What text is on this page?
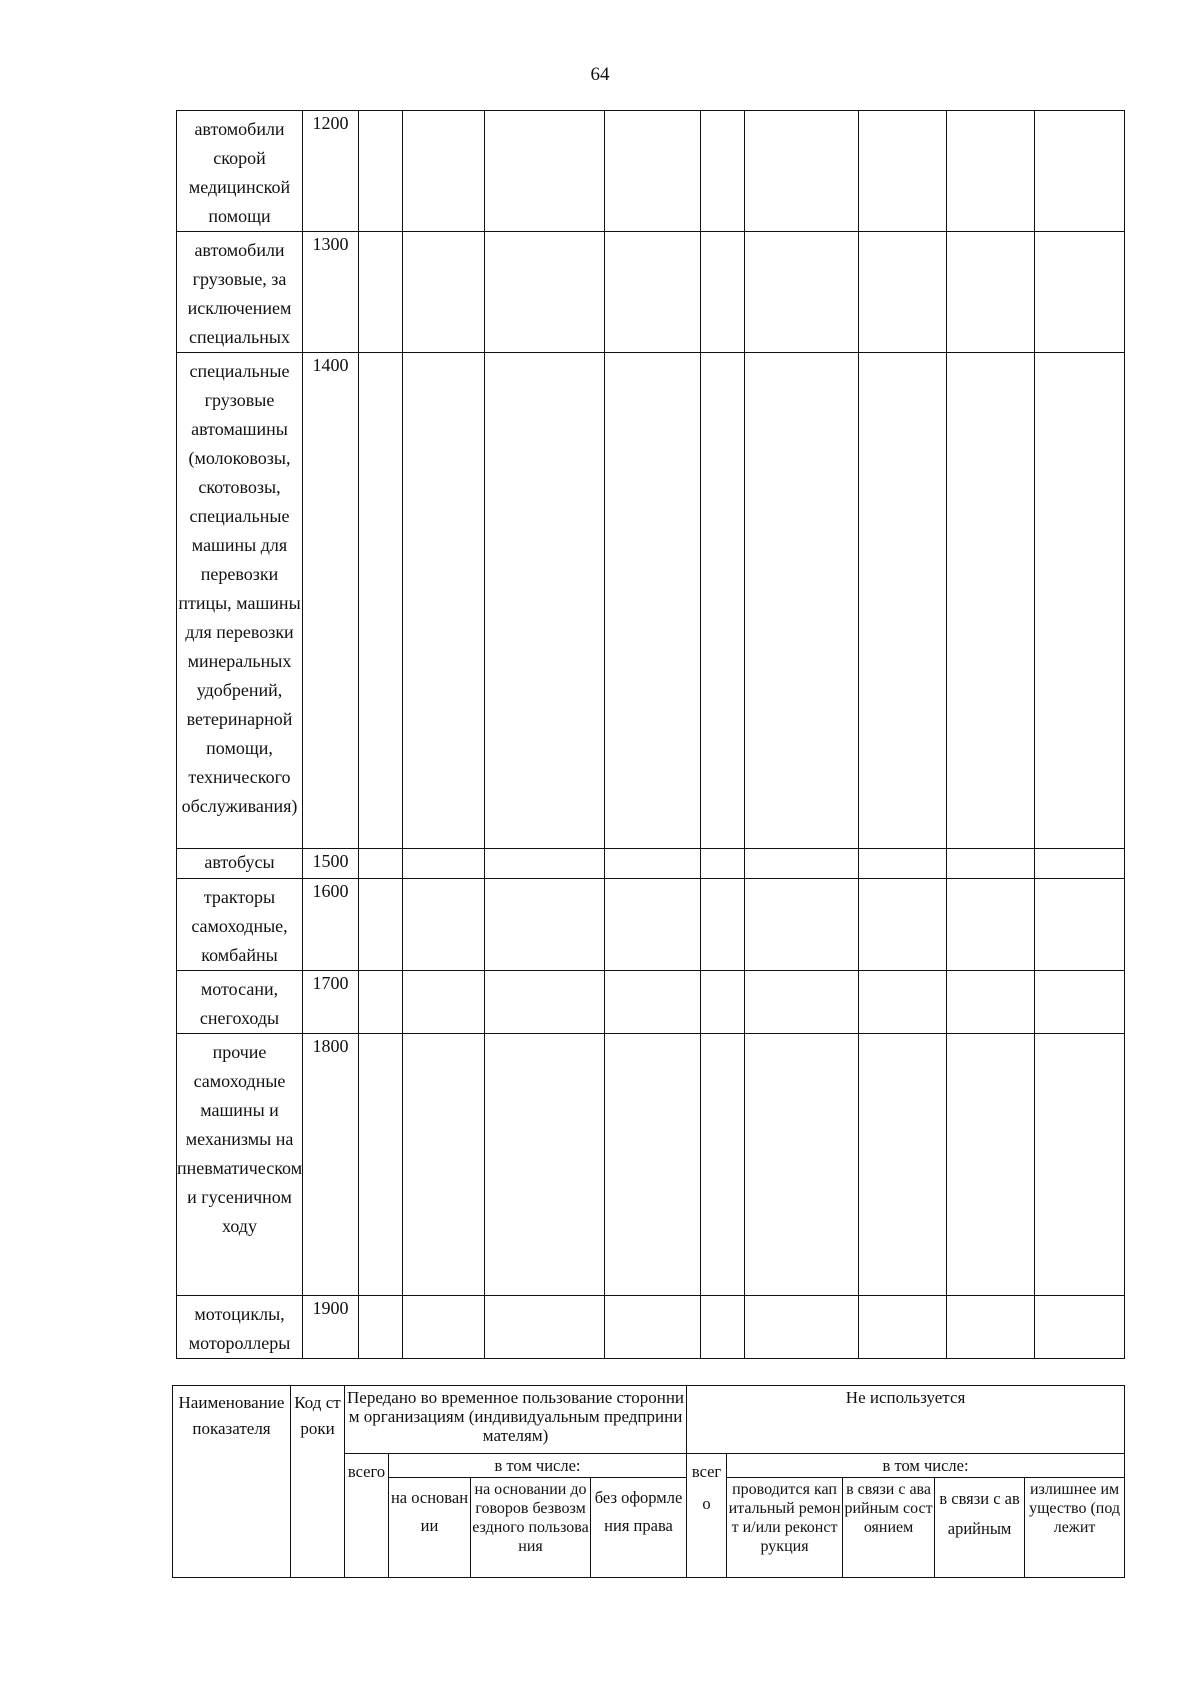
64
автомобили скорой медицинской помощи	1200									
автомобили грузовые, за исключением специальных	1300									
специальные грузовые автомашины (молоковозы, скотовозы, специальные машины для перевозки птицы, машины для перевозки минеральных удобрений, ветеринарной помощи, технического обслуживания)	1400									
автобусы	1500									
тракторы самоходные, комбайны	1600									
мотосани, снегоходы	1700									
прочие самоходные машины и механизмы на пневматическом и гусеничном ходу	1800									
мотоциклы, мотороллеры	1900									
Наименование показателя	Код строки	Передано во временное пользование сторонним организациям (индивидуальным предпринимателям)				Не используется				
		всего	в том числе:			всего	в том числе:			
			на основании	на основании договоров безвозмездного пользования	без оформления права		проводится капитальный ремонт и/или реконструкция	в связи с аварийным состоянием	в связи с аварийным	излишнее имущество (подлежит
